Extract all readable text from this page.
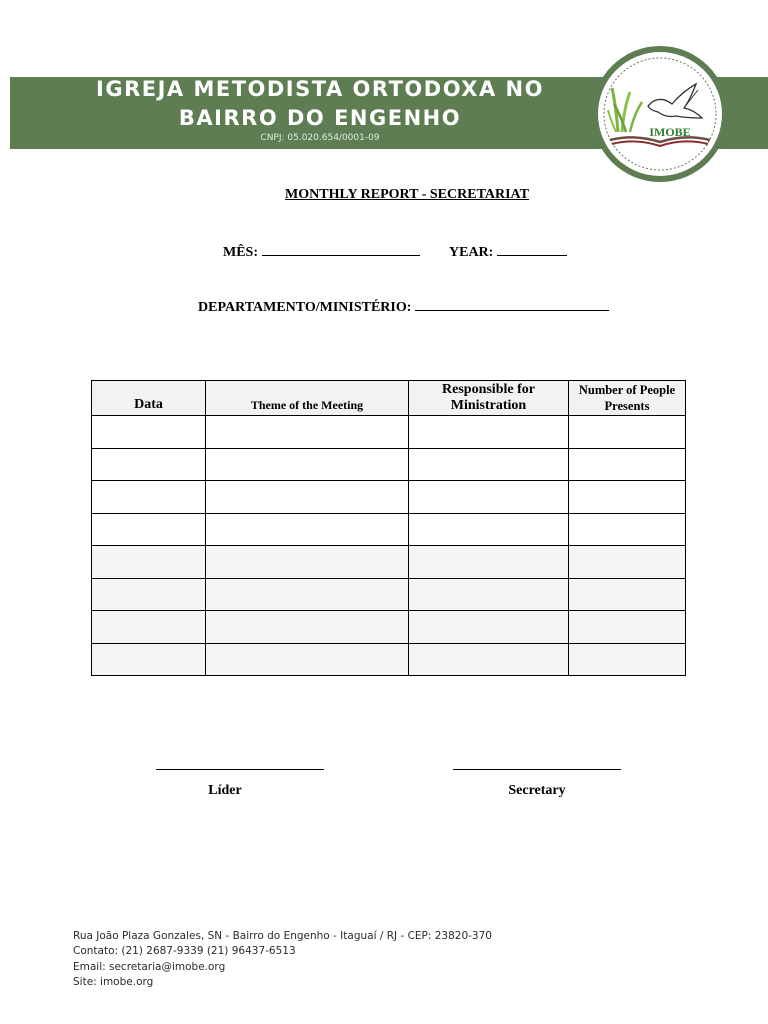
IGREJA METODISTA ORTODOXA NO
BAIRRO DO ENGENHO
CNPJ: 05.020.654/0001-09	IMOBE
MONTHLY REPORT - SECRETARIAT
MÊS:	YEAR:
DEPARTAMENTO/MINISTÉRIO:
Data	Theme of the Meeting	Responsible for Ministration	Number of People Presents

Líder	Secretary
Rua João Plaza Gonzales, SN - Bairro do Engenho - Itaguaí / RJ - CEP: 23820-370
Contato: (21) 2687-9339 (21) 96437-6513
Email: secretaria@imobe.org
Site: imobe.org
